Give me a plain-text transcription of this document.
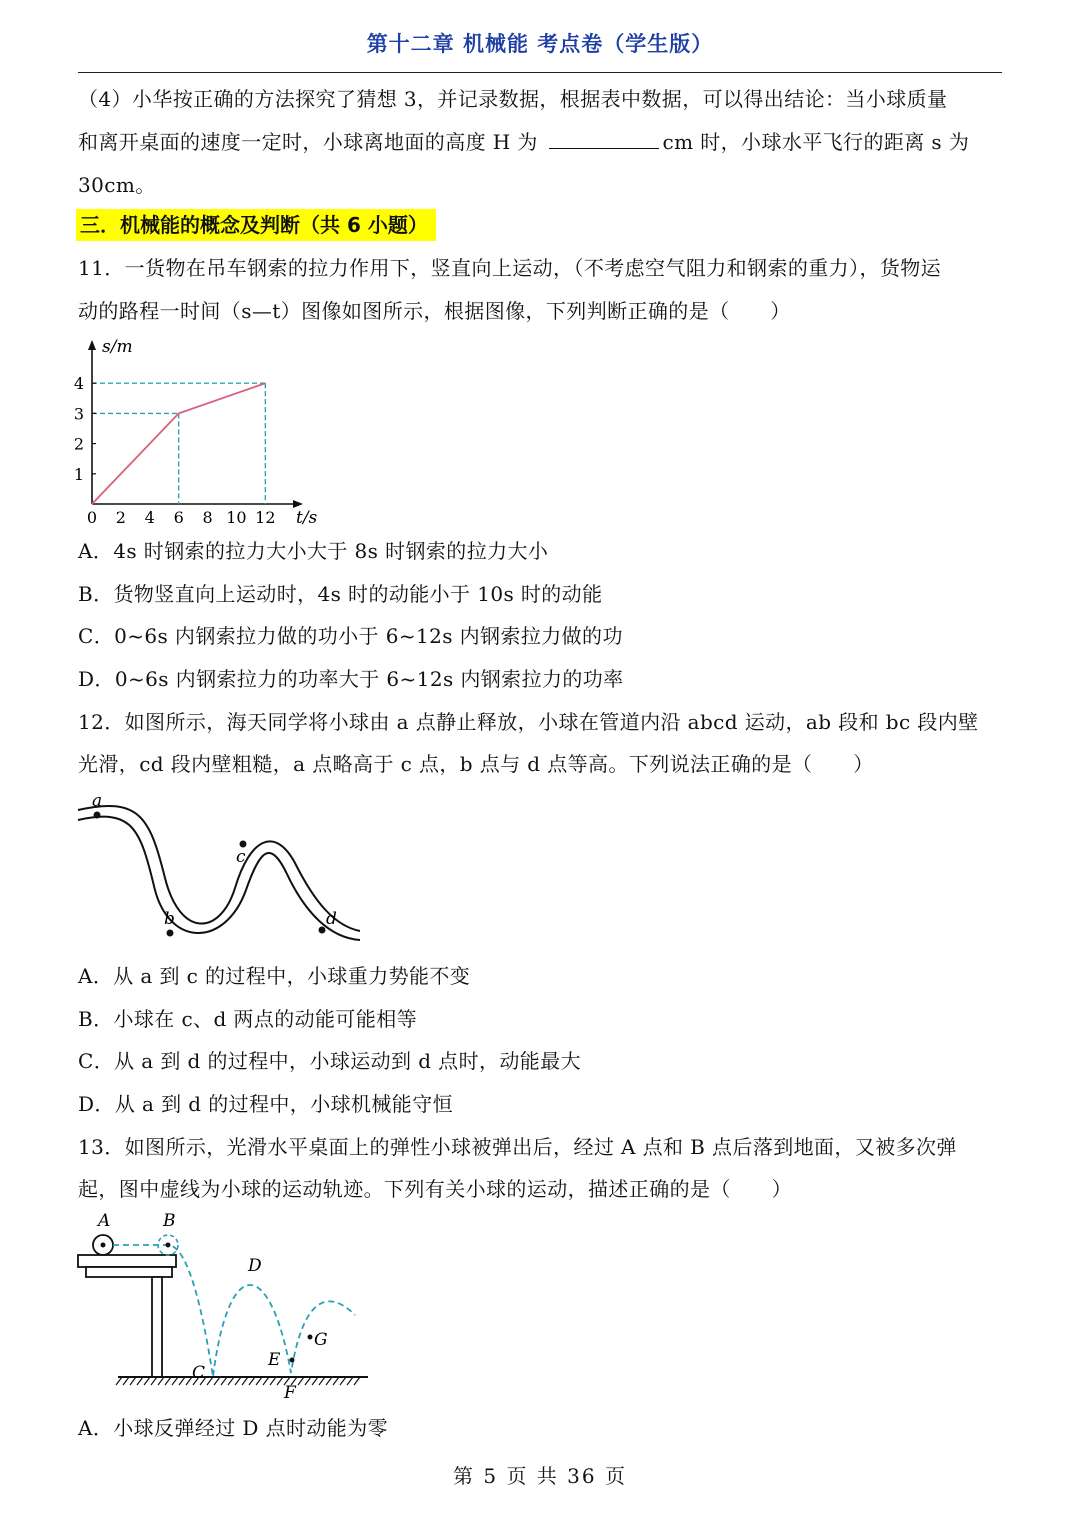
第十二章 机械能 考点卷（学生版）
（4）小华按正确的方法探究了猜想 3，并记录数据，根据表中数据，可以得出结论：当小球质量
和离开桌面的速度一定时，小球离地面的高度 H 为	cm 时，小球水平飞行的距离 s 为
30cm。
三．机械能的概念及判断（共 6 小题）
11．一货物在吊车钢索的拉力作用下，竖直向上运动，（不考虑空气阻力和钢索的重力），货物运
动的路程一时间（s—t）图像如图所示，根据图像，下列判断正确的是（　　）
0 2 4 6 8 10 12
1
2
3
4
t/s
s/m
A．4s 时钢索的拉力大小大于 8s 时钢索的拉力大小
B．货物竖直向上运动时，4s 时的动能小于 10s 时的动能
C．0~6s 内钢索拉力做的功小于 6~12s 内钢索拉力做的功
D．0~6s 内钢索拉力的功率大于 6~12s 内钢索拉力的功率
12．如图所示，海天同学将小球由 a 点静止释放，小球在管道内沿 abcd 运动，ab 段和 bc 段内壁
光滑，cd 段内壁粗糙，a 点略高于 c 点，b 点与 d 点等高。下列说法正确的是（　　）
a
b
c
d
A．从 a 到 c 的过程中，小球重力势能不变
B．小球在 c、d 两点的动能可能相等
C．从 a 到 d 的过程中，小球运动到 d 点时，动能最大
D．从 a 到 d 的过程中，小球机械能守恒
13．如图所示，光滑水平桌面上的弹性小球被弹出后，经过 A 点和 B 点后落到地面，又被多次弹
起，图中虚线为小球的运动轨迹。下列有关小球的运动，描述正确的是（　　）
A	B
C
D
E
F
G
A．小球反弹经过 D 点时动能为零
第 5 页 共 36 页
